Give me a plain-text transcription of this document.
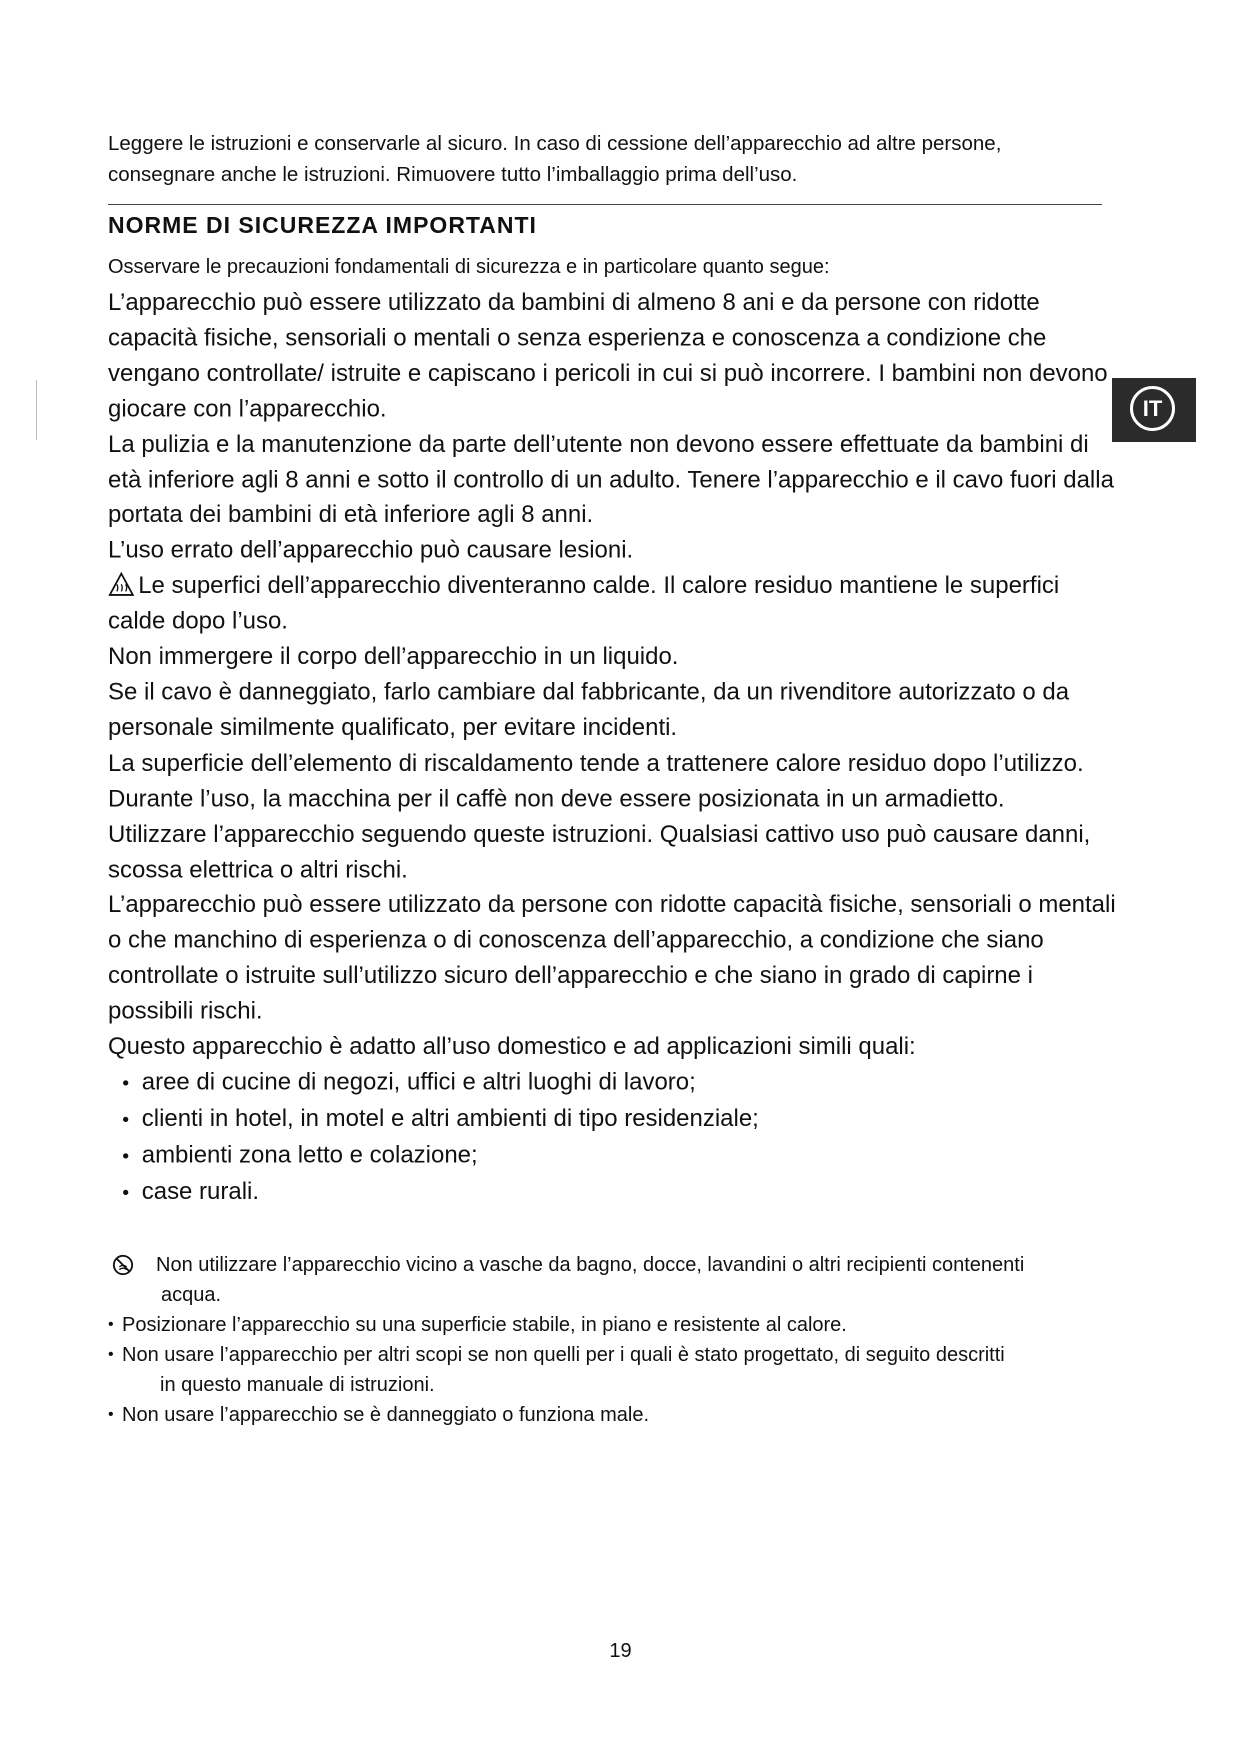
Leggere le istruzioni e conservarle al sicuro. In caso di cessione dell’apparecchio ad altre persone,
consegnare anche le istruzioni. Rimuovere tutto l’imballaggio prima dell’uso.
NORME DI SICUREZZA IMPORTANTI
Osservare le precauzioni fondamentali di sicurezza e in particolare quanto segue:

L’apparecchio può essere utilizzato da bambini di almeno 8 ani e da persone con ridotte capacità fisiche, sensoriali o mentali o senza esperienza e conoscenza a condizione che vengano controllate/ istruite e capiscano i pericoli in cui si può incorrere. I bambini non devono giocare con l’apparecchio.

La pulizia e la manutenzione da parte dell’utente non devono essere effettuate da bambini di età inferiore agli 8 anni e sotto il controllo di un adulto. Tenere l’apparecchio e il cavo fuori dalla portata dei bambini di età inferiore agli 8 anni.

L’uso errato dell’apparecchio può causare lesioni.

Le superfici dell’apparecchio diventeranno calde. Il calore residuo mantiene le superfici calde dopo l’uso.

Non immergere il corpo dell’apparecchio in un liquido.

Se il cavo è danneggiato, farlo cambiare dal fabbricante, da un rivenditore autorizzato o da personale similmente qualificato, per evitare incidenti.

La superficie dell’elemento di riscaldamento tende a trattenere calore residuo dopo l’utilizzo.

Durante l’uso, la macchina per il caffè non deve essere posizionata in un armadietto.

Utilizzare l’apparecchio seguendo queste istruzioni. Qualsiasi cattivo uso può causare danni, scossa elettrica o altri rischi.

L’apparecchio può essere utilizzato da persone con ridotte capacità fisiche, sensoriali o mentali o che manchino di esperienza o di conoscenza dell’apparecchio, a condizione che siano controllate o istruite sull’utilizzo sicuro dell’apparecchio e che siano in grado di capirne i possibili rischi.

Questo apparecchio è adatto all’uso domestico e ad applicazioni simili quali:

• aree di cucine di negozi, uffici e altri luoghi di lavoro;

• clienti in hotel, in motel e altri ambienti di tipo residenziale;

• ambienti zona letto e colazione;

• case rurali.

Non utilizzare l’apparecchio vicino a vasche da bagno, docce, lavandini o altri recipienti contenenti

acqua.

• Posizionare l’apparecchio su una superficie stabile, in piano e resistente al calore.

• Non usare l’apparecchio per altri scopi se non quelli per i quali è stato progettato, di seguito descritti

in questo manuale di istruzioni.

• Non usare l’apparecchio se è danneggiato o funziona male.

IT
19
